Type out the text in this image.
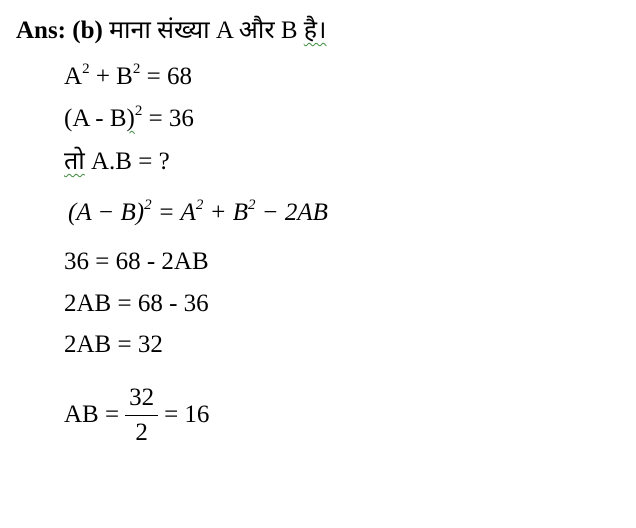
Ans: (b) माना संख्या A और B है।
$A^2 + B^2 = 68$
(A - B)$^2$ = 36
तो A.B = ?
$(A - B)^2 = A^2 + B^2 - 2AB$
36 = 68 - 2AB
2AB = 68 - 36
2AB = 32
AB = $\frac{32}{2} = 16$
